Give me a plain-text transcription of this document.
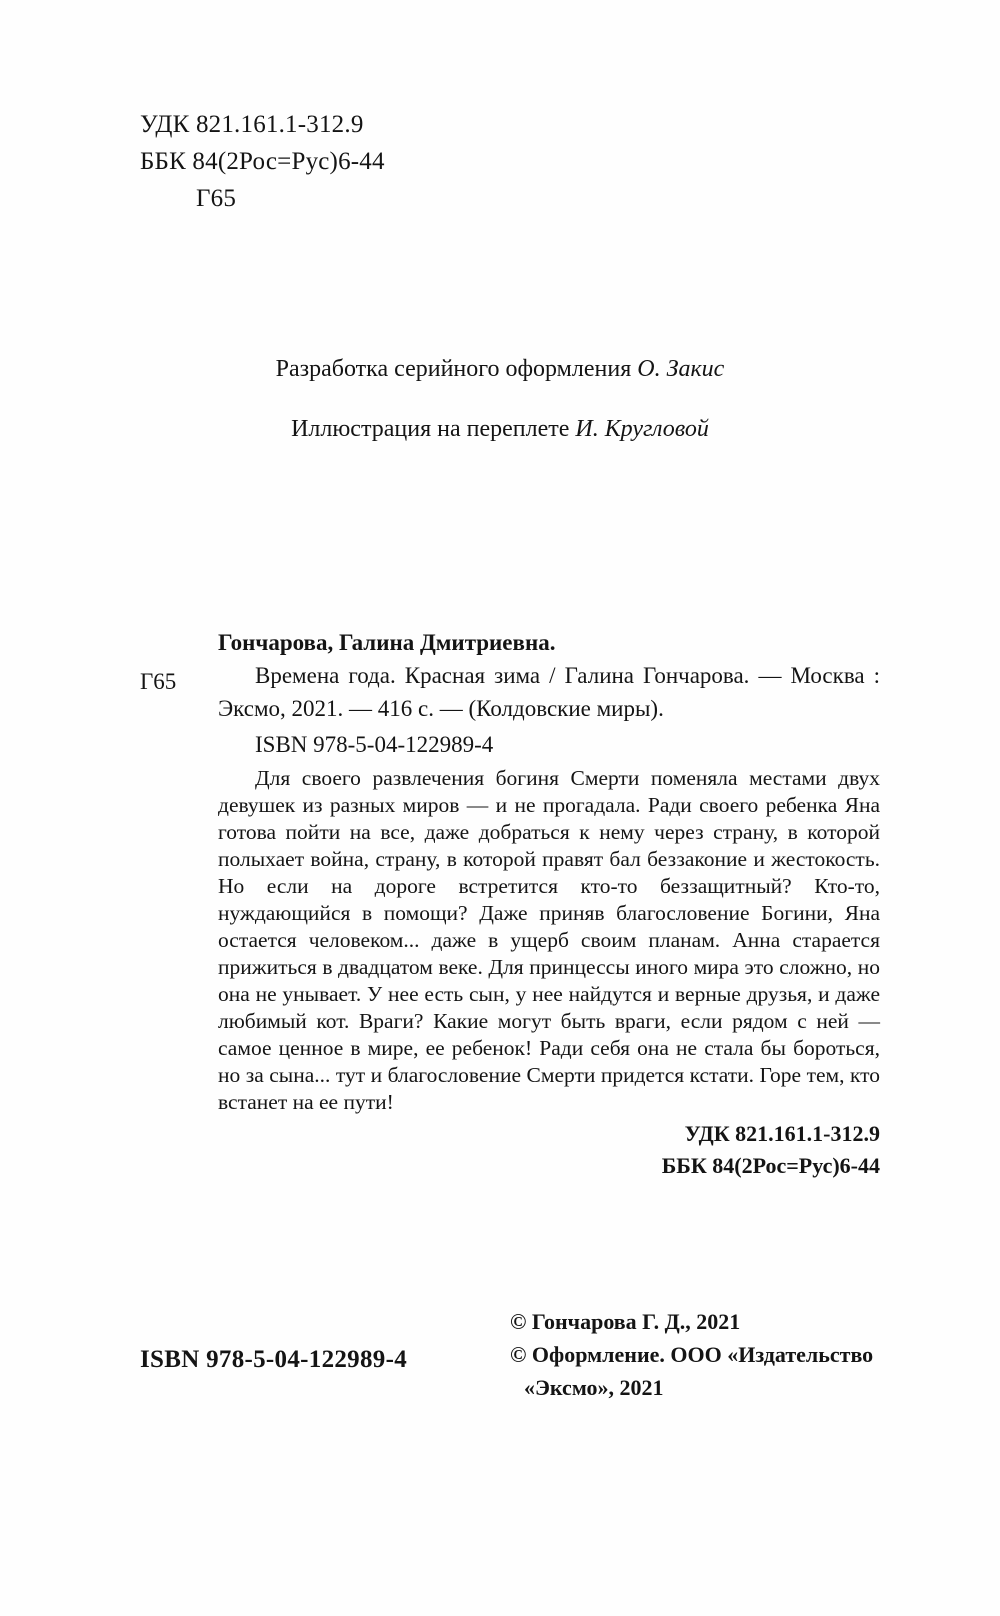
УДК 821.161.1-312.9
ББК 84(2Рос=Рус)6-44
Г65
Разработка серийного оформления О. Закис
Иллюстрация на переплете И. Кругловой
Г65

Гончарова, Галина Дмитриевна.

Времена года. Красная зима / Галина Гончарова. — Москва : Эксмо, 2021. — 416 с. — (Колдовские миры).

ISBN 978-5-04-122989-4

Для своего развлечения богиня Смерти поменяла местами двух девушек из разных миров — и не прогадала. Ради своего ребенка Яна готова пойти на все, даже добраться к нему через страну, в которой полыхает война, страну, в которой правят бал беззаконие и жестокость. Но если на дороге встретится кто-то беззащитный? Кто-то, нуждающийся в помощи? Даже приняв благословение Богини, Яна остается человеком... даже в ущерб своим планам. Анна старается прижиться в двадцатом веке. Для принцессы иного мира это сложно, но она не унывает. У нее есть сын, у нее найдутся и верные друзья, и даже любимый кот. Враги? Какие могут быть враги, если рядом с ней — самое ценное в мире, ее ребенок! Ради себя она не стала бы бороться, но за сына... тут и благословение Смерти придется кстати. Горе тем, кто встанет на ее пути!

УДК 821.161.1-312.9
ББК 84(2Рос=Рус)6-44
ISBN 978-5-04-122989-4
© Гончарова Г. Д., 2021
© Оформление. ООО «Издательство
«Эксмо», 2021
